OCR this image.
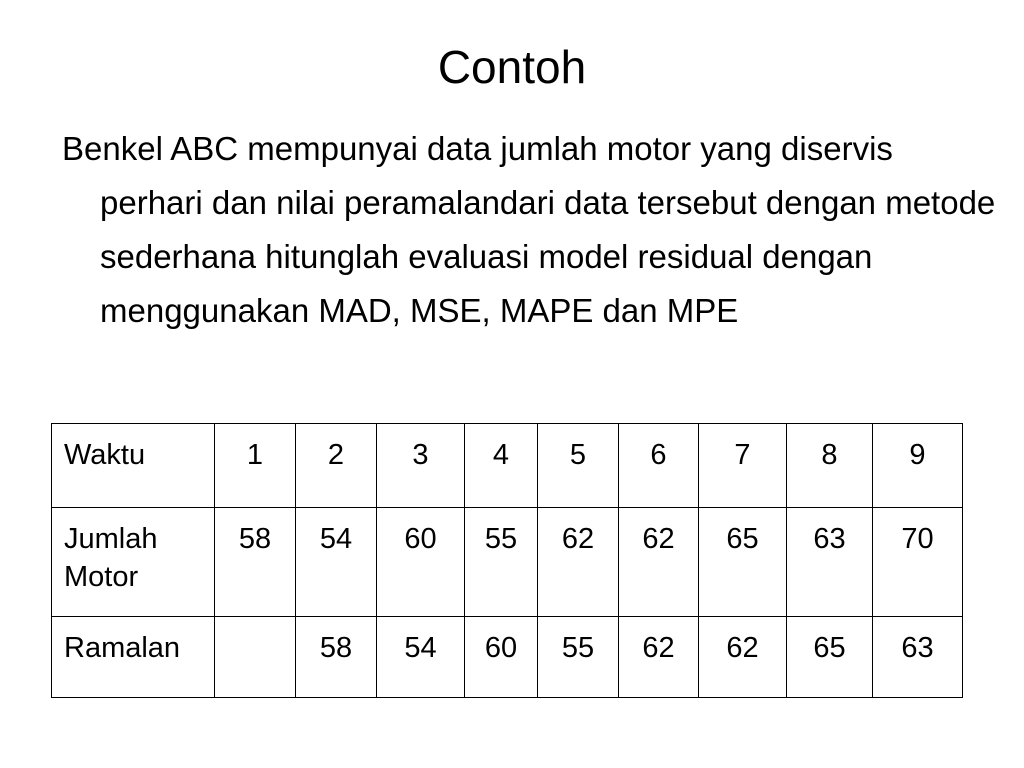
Contoh
Benkel ABC mempunyai data jumlah motor yang diservis perhari dan nilai peramalandari data tersebut dengan metode sederhana hitunglah evaluasi model residual dengan menggunakan MAD, MSE, MAPE dan MPE
Waktu	1	2	3	4	5	6	7	8	9
Jumlah Motor	58	54	60	55	62	62	65	63	70
Ramalan		58	54	60	55	62	62	65	63
